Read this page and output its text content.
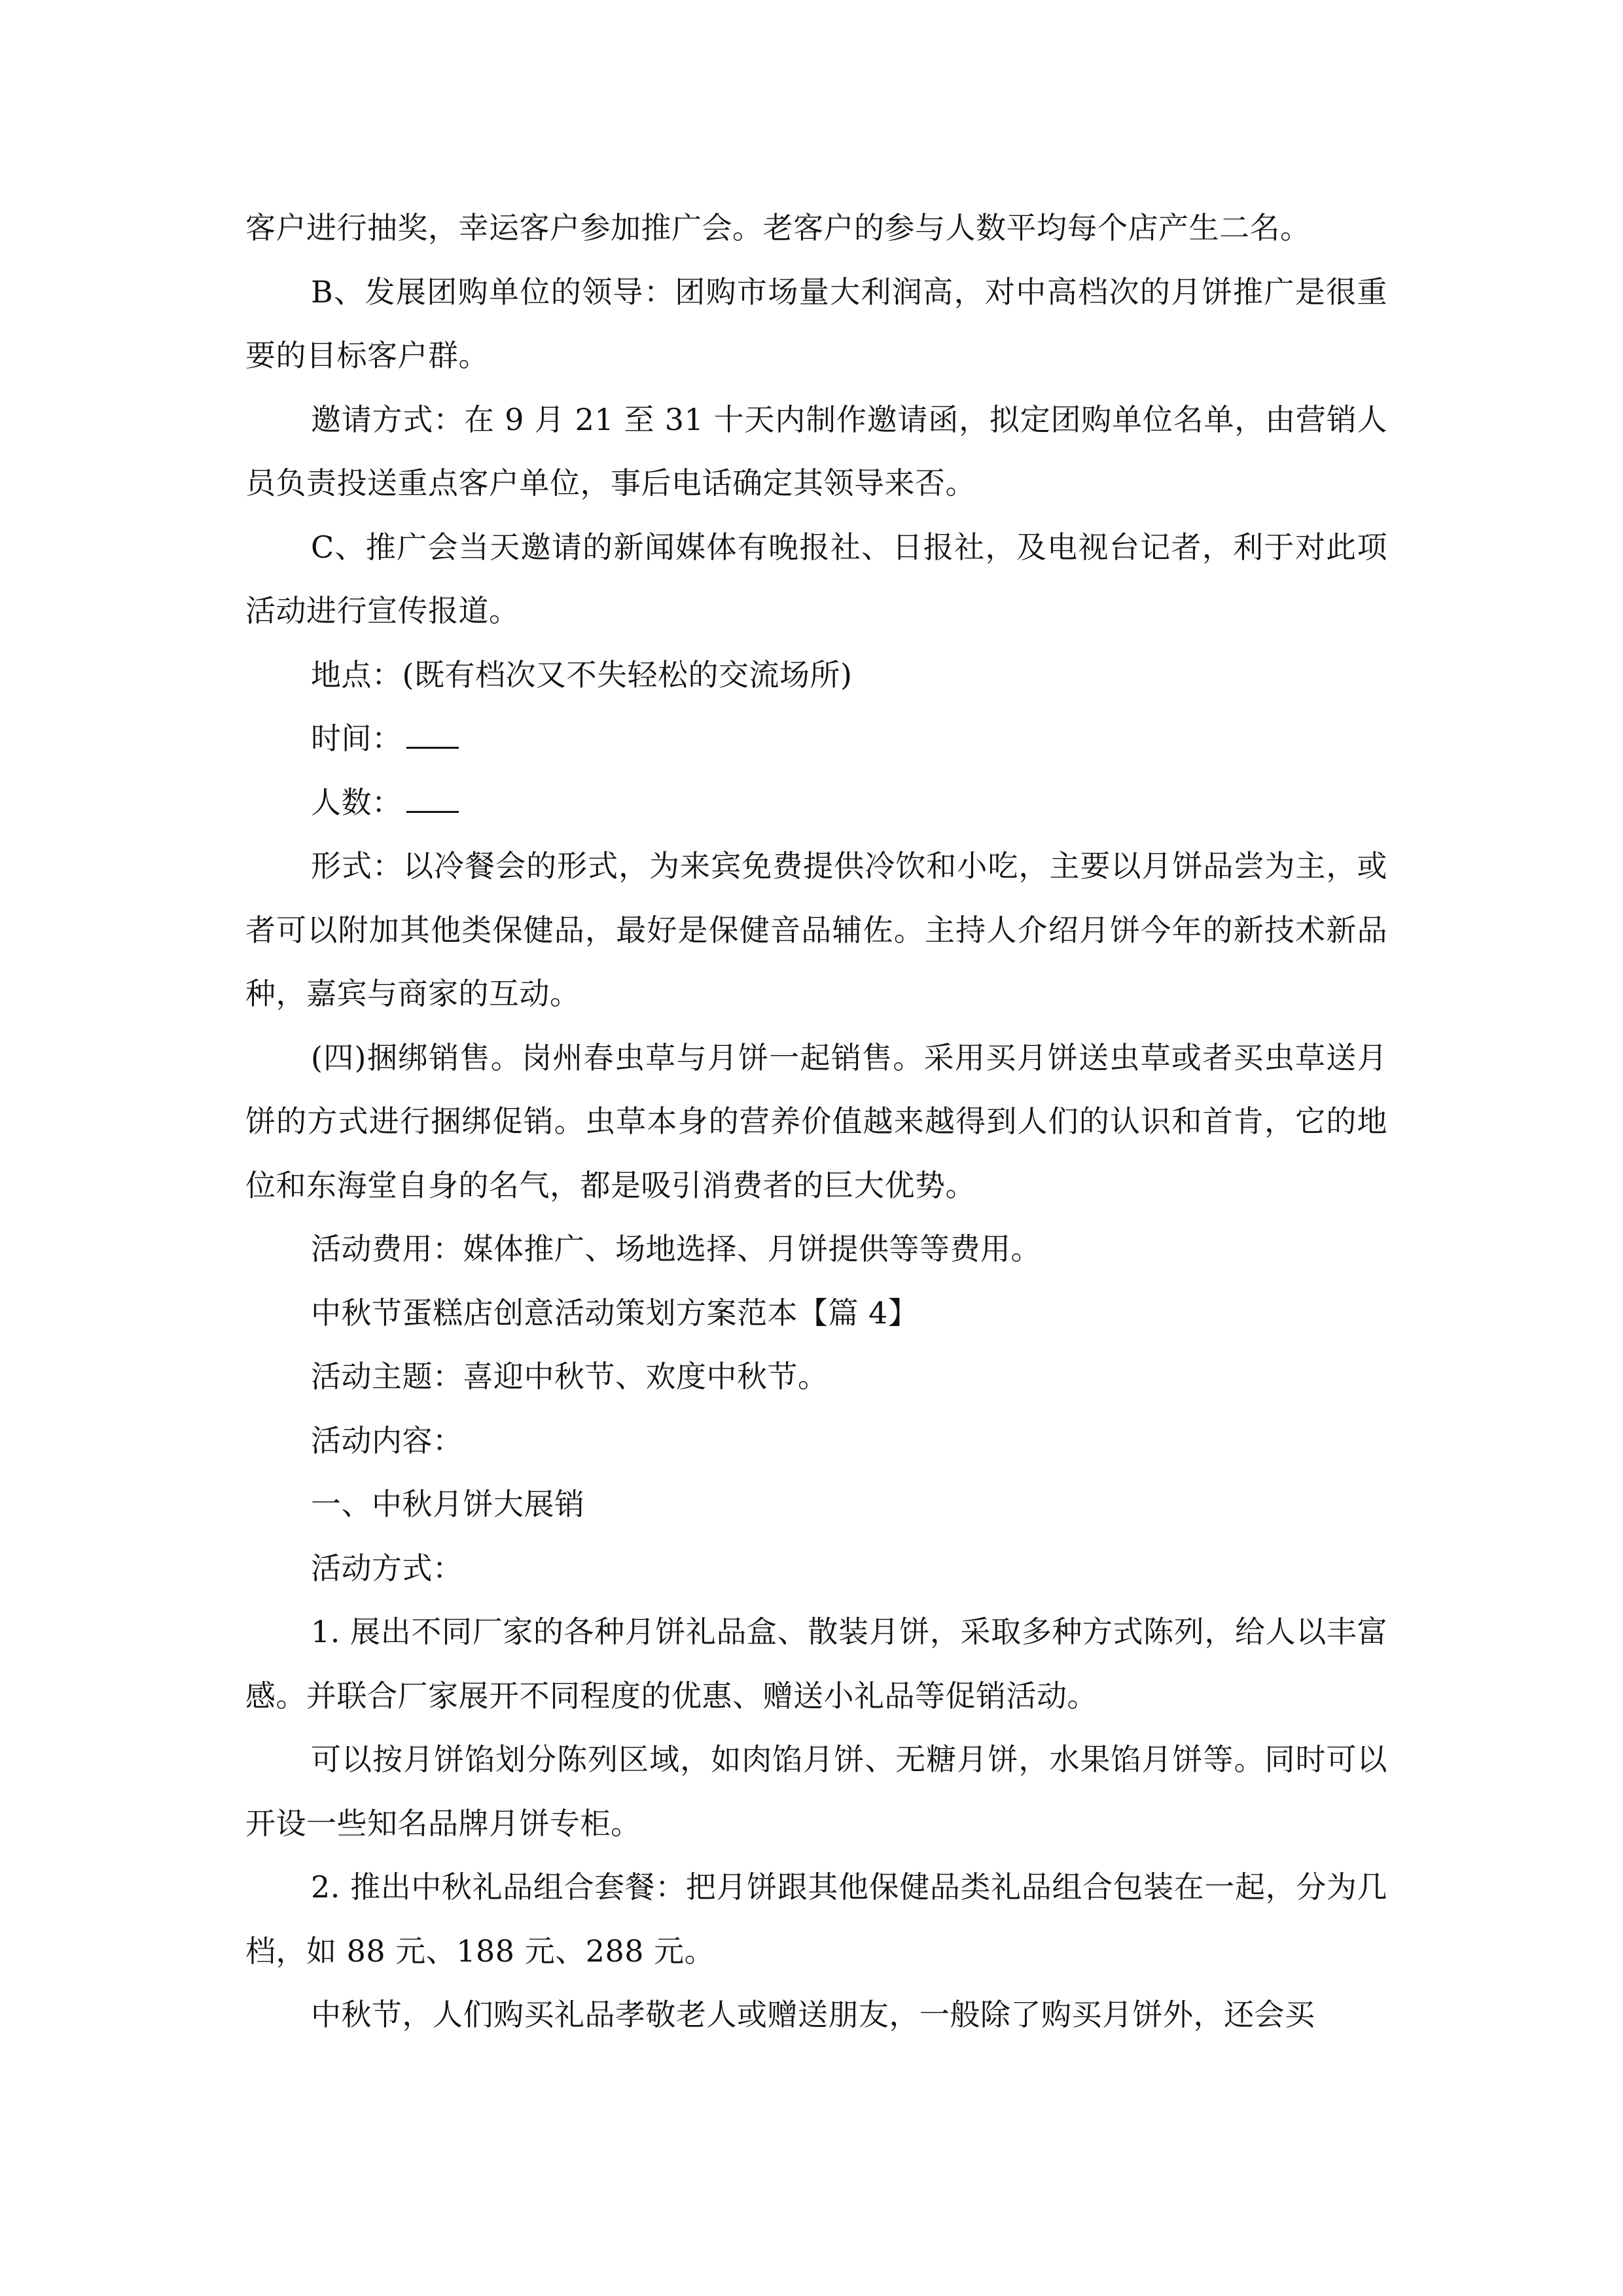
客户进行抽奖，幸运客户参加推广会。老客户的参与人数平均每个店产生二名。

B、发展团购单位的领导：团购市场量大利润高，对中高档次的月饼推广是很重要的目标客户群。

邀请方式：在 9 月 21 至 31 十天内制作邀请函，拟定团购单位名单，由营销人员负责投送重点客户单位，事后电话确定其领导来否。

C、推广会当天邀请的新闻媒体有晚报社、日报社，及电视台记者，利于对此项活动进行宣传报道。

地点：(既有档次又不失轻松的交流场所)

时间：

人数：

形式：以冷餐会的形式，为来宾免费提供冷饮和小吃，主要以月饼品尝为主，或者可以附加其他类保健品，最好是保健音品辅佐。主持人介绍月饼今年的新技术新品种，嘉宾与商家的互动。

(四)捆绑销售。岗州春虫草与月饼一起销售。采用买月饼送虫草或者买虫草送月饼的方式进行捆绑促销。虫草本身的营养价值越来越得到人们的认识和首肯，它的地位和东海堂自身的名气，都是吸引消费者的巨大优势。

活动费用：媒体推广、场地选择、月饼提供等等费用。

中秋节蛋糕店创意活动策划方案范本【篇 4】

活动主题：喜迎中秋节、欢度中秋节。

活动内容：

一、中秋月饼大展销

活动方式：

1. 展出不同厂家的各种月饼礼品盒、散装月饼，采取多种方式陈列，给人以丰富感。并联合厂家展开不同程度的优惠、赠送小礼品等促销活动。

可以按月饼馅划分陈列区域，如肉馅月饼、无糖月饼，水果馅月饼等。同时可以开设一些知名品牌月饼专柜。

2. 推出中秋礼品组合套餐：把月饼跟其他保健品类礼品组合包装在一起，分为几档，如 88 元、188 元、288 元。

中秋节，人们购买礼品孝敬老人或赠送朋友，一般除了购买月饼外，还会买
